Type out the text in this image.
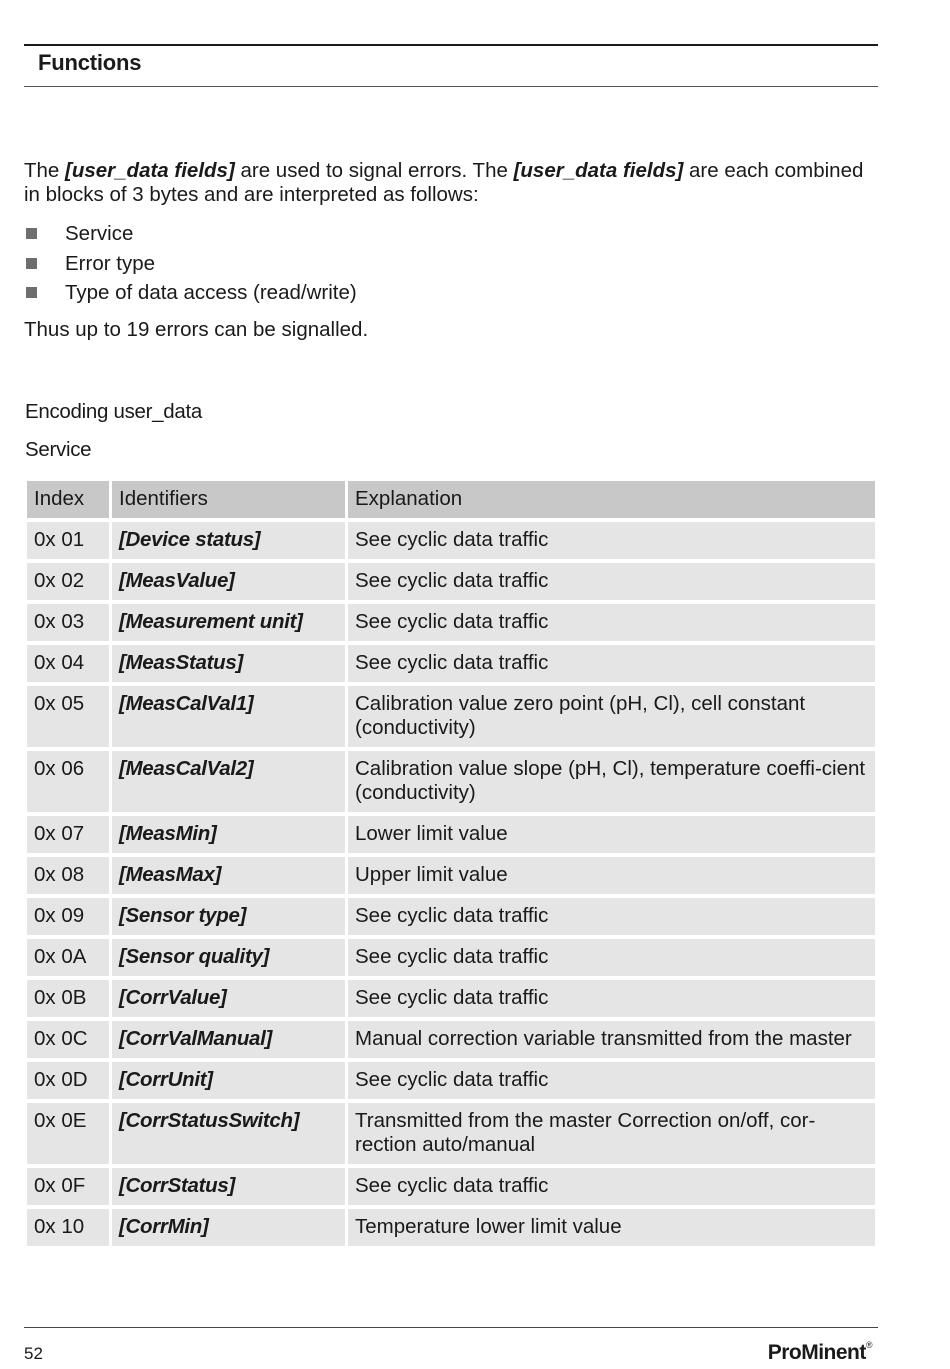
Functions
The [user_data fields] are used to signal errors. The [user_data fields] are each combined in blocks of 3 bytes and are interpreted as follows:
Service
Error type
Type of data access (read/write)
Thus up to 19 errors can be signalled.
Encoding user_data
Service
Index	Identifiers	Explanation
0x 01	[Device status]	See cyclic data traffic
0x 02	[MeasValue]	See cyclic data traffic
0x 03	[Measurement unit]	See cyclic data traffic
0x 04	[MeasStatus]	See cyclic data traffic
0x 05	[MeasCalVal1]	Calibration value zero point (pH, Cl), cell constant (conductivity)
0x 06	[MeasCalVal2]	Calibration value slope (pH, Cl), temperature coeffi-cient (conductivity)
0x 07	[MeasMin]	Lower limit value
0x 08	[MeasMax]	Upper limit value
0x 09	[Sensor type]	See cyclic data traffic
0x 0A	[Sensor quality]	See cyclic data traffic
0x 0B	[CorrValue]	See cyclic data traffic
0x 0C	[CorrValManual]	Manual correction variable transmitted from the master
0x 0D	[CorrUnit]	See cyclic data traffic
0x 0E	[CorrStatusSwitch]	Transmitted from the master Correction on/off, cor-rection auto/manual
0x 0F	[CorrStatus]	See cyclic data traffic
0x 10	[CorrMin]	Temperature lower limit value
52	ProMinent®
